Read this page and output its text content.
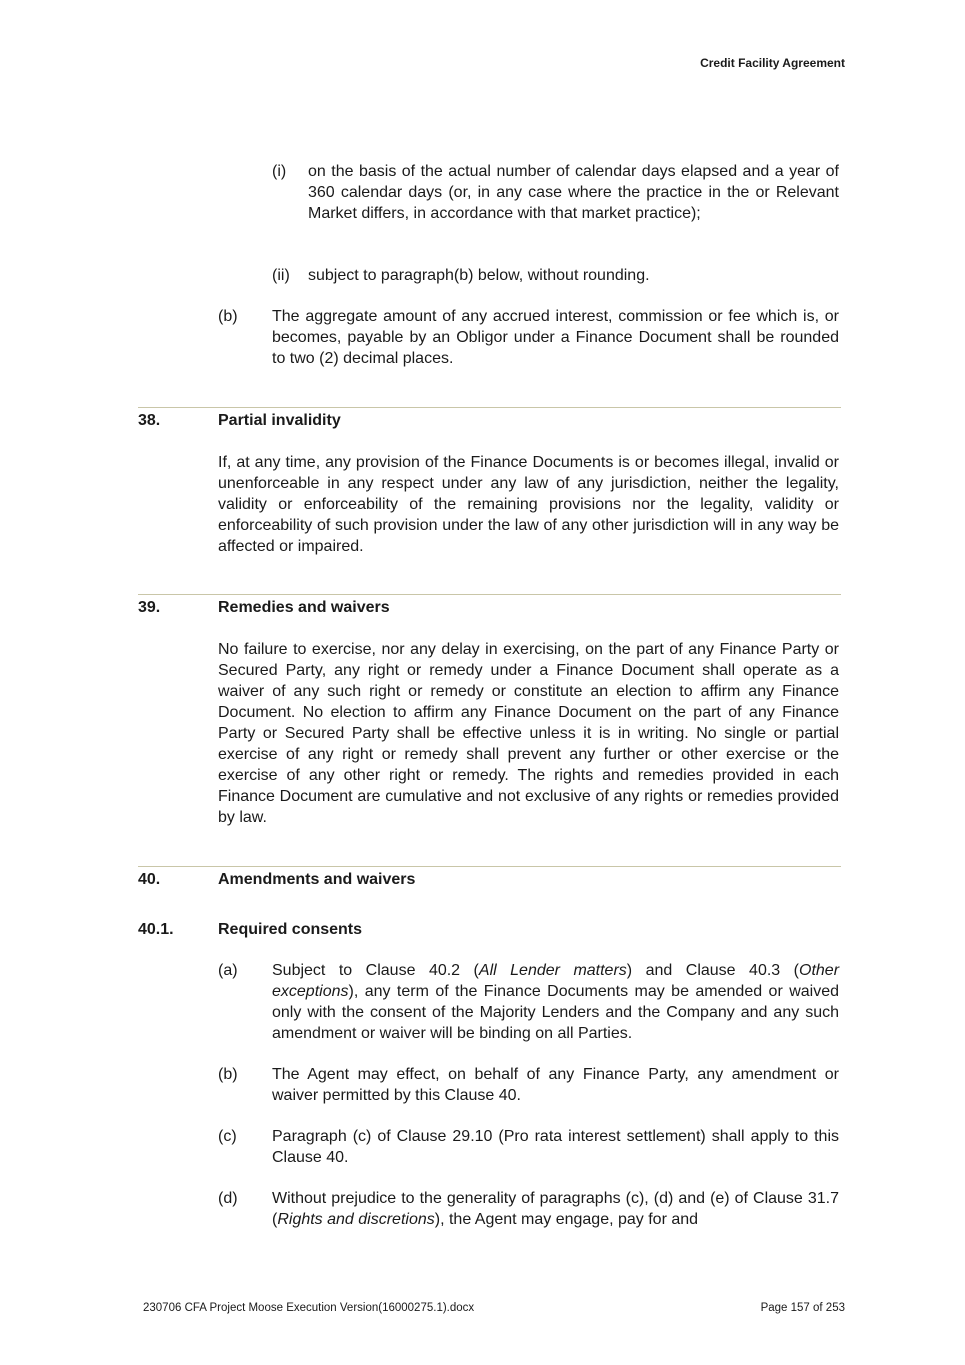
Credit Facility Agreement
(i) on the basis of the actual number of calendar days elapsed and a year of 360 calendar days (or, in any case where the practice in the or Relevant Market differs, in accordance with that market practice);
(ii) subject to paragraph(b) below, without rounding.
(b) The aggregate amount of any accrued interest, commission or fee which is, or becomes, payable by an Obligor under a Finance Document shall be rounded to two (2) decimal places.
38.	Partial invalidity
If, at any time, any provision of the Finance Documents is or becomes illegal, invalid or unenforceable in any respect under any law of any jurisdiction, neither the legality, validity or enforceability of the remaining provisions nor the legality, validity or enforceability of such provision under the law of any other jurisdiction will in any way be affected or impaired.
39.	Remedies and waivers
No failure to exercise, nor any delay in exercising, on the part of any Finance Party or Secured Party, any right or remedy under a Finance Document shall operate as a waiver of any such right or remedy or constitute an election to affirm any Finance Document. No election to affirm any Finance Document on the part of any Finance Party or Secured Party shall be effective unless it is in writing. No single or partial exercise of any right or remedy shall prevent any further or other exercise or the exercise of any other right or remedy. The rights and remedies provided in each Finance Document are cumulative and not exclusive of any rights or remedies provided by law.
40.	Amendments and waivers
40.1.	Required consents
(a) Subject to Clause 40.2 (All Lender matters) and Clause 40.3 (Other exceptions), any term of the Finance Documents may be amended or waived only with the consent of the Majority Lenders and the Company and any such amendment or waiver will be binding on all Parties.
(b) The Agent may effect, on behalf of any Finance Party, any amendment or waiver permitted by this Clause 40.
(c) Paragraph (c) of Clause 29.10 (Pro rata interest settlement) shall apply to this Clause 40.
(d) Without prejudice to the generality of paragraphs (c), (d) and (e) of Clause 31.7 (Rights and discretions), the Agent may engage, pay for and
230706 CFA Project Moose Execution Version(16000275.1).docx	Page 157 of 253
